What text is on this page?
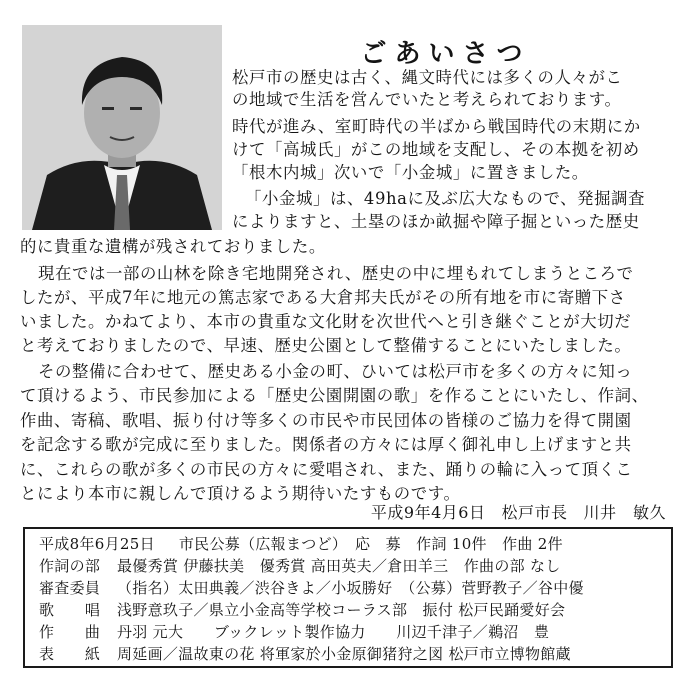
ごあいさつ
松戸市の歴史は古く、縄文時代には多くの人々がこ
の地域で生活を営んでいたと考えられております。
時代が進み、室町時代の半ばから戦国時代の末期にか
けて「高城氏」がこの地域を支配し、その本拠を初め
「根木内城」次いで「小金城」に置きました。
「小金城」は、49haに及ぶ広大なもので、発掘調査
によりますと、土塁のほか畝掘や障子掘といった歴史
的に貴重な遺構が残されておりました。
現在では一部の山林を除き宅地開発され、歴史の中に埋もれてしまうところで
したが、平成7年に地元の篤志家である大倉邦夫氏がその所有地を市に寄贈下さ
いました。かねてより、本市の貴重な文化財を次世代へと引き継ぐことが大切だ
と考えておりましたので、早速、歴史公園として整備することにいたしました。
その整備に合わせて、歴史ある小金の町、ひいては松戸市を多くの方々に知っ
て頂けるよう、市民参加による「歴史公園開園の歌」を作ることにいたし、作詞、
作曲、寄稿、歌唱、振り付け等多くの市民や市民団体の皆様のご協力を得て開園
を記念する歌が完成に至りました。関係者の方々には厚く御礼申し上げますと共
に、これらの歌が多くの市民の方々に愛唱され、また、踊りの輪に入って頂くこ
とにより本市に親しんで頂けるよう期待いたすものです。
平成9年4月6日 松戸市長 川井　敏久
平成8年6月25日 市民公募（広報まつど）　応　募　作詞 10件　作曲 2件
作詞の部 最優秀賞 伊藤扶美　優秀賞 高田英夫／倉田羊三　作曲の部 なし
審査委員 （指名）太田典義／渋谷きよ／小坂勝好　（公募）菅野教子／谷中優
歌　　唱 浅野意玖子／県立小金高等学校コーラス部　振付 松戸民踊愛好会
作　　曲 丹羽 元大　　ブックレット製作協力　　川辺千津子／鵜沼　豊
表　　紙 周延画／温故東の花 将軍家於小金原御猪狩之図 松戸市立博物館蔵
